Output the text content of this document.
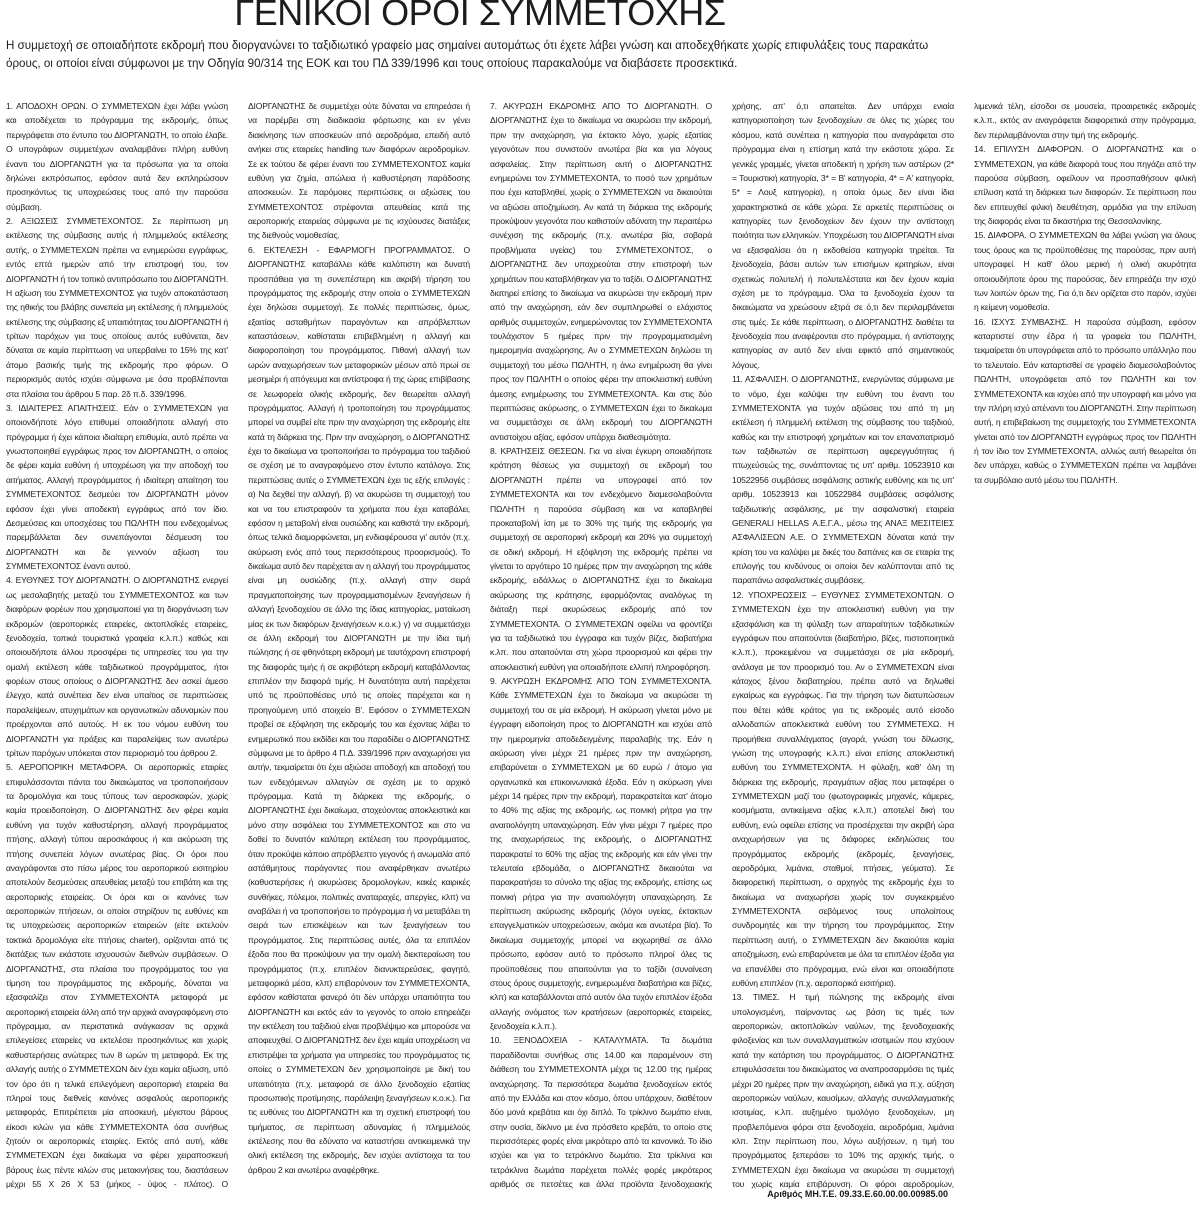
ΓΕΝΙΚΟΙ ΟΡΟΙ ΣΥΜΜΕΤΟΧΗΣ

Η συμμετοχή σε οποιαδήποτε εκδρομή που διοργανώνει το ταξιδιωτικό γραφείο μας σημαίνει αυτομάτως ότι έχετε λάβει γνώση και αποδεχθήκατε χωρίς επιφυλάξεις τους παρακάτω όρους, οι οποίοι είναι σύμφωνοι με την Οδηγία 90/314 της ΕΟΚ και του ΠΔ 339/1996 και τους οποίους παρακαλούμε να διαβάσετε προσεκτικά.

1. ΑΠΟΔΟΧΗ ΟΡΩΝ. Ο ΣΥΜΜΕΤΕΧΩΝ έχει λάβει γνώση και αποδέχεται το πρόγραμμα της εκδρομής, όπως περιγράφεται στο έντυπο του ΔΙΟΡΓΑΝΩΤΗ, το οποίο έλαβε. Ο υπογράφων συμμετέχων αναλαμβάνει πλήρη ευθύνη έναντι του ΔΙΟΡΓΑΝΩΤΗ για τα πρόσωπα για τα οποία δηλώνει εκπρόσωπος, εφόσον αυτά δεν εκπληρώσουν προσηκόντως τις υποχρεώσεις τους από την παρούσα σύμβαση.

2. ΑΞΙΩΣΕΙΣ ΣΥΜΜΕΤΕΧΟΝΤΟΣ. Σε περίπτωση μη εκτέλεσης της σύμβασης αυτής ή πλημμελούς εκτέλεσης αυτής, ο ΣΥΜΜΕΤΕΧΩΝ πρέπει να ενημερώσει εγγράφως, εντός επτά ημερών από την επιστροφή του, τον ΔΙΟΡΓΑΝΩΤΗ ή τον τοπικό αντιπρόσωπο του ΔΙΟΡΓΑΝΩΤΗ. Η αξίωση του ΣΥΜΜΕΤΕΧΟΝΤΟΣ για τυχόν αποκατάσταση της ηθικής του βλάβης συνεπεία μη εκτέλεσης ή πλημμελούς εκτέλεσης της σύμβασης εξ υπαιτιότητας του ΔΙΟΡΓΑΝΩΤΗ ή τρίτων παρόχων για τους οποίους αυτός ευθύνεται, δεν δύναται σε καμία περίπτωση να υπερβαίνει το 15% της κατ' άτομο βασικής τιμής της εκδρομής προ φόρων. Ο περιορισμός αυτός ισχύει σύμφωνα με όσα προβλέπονται στα πλαίσια του άρθρου 5 παρ. 2δ π.δ. 339/1996.

3. ΙΔΙΑΙΤΕΡΕΣ ΑΠΑΙΤΗΣΕΙΣ. Εάν ο ΣΥΜΜΕΤΕΧΩΝ για οποιονδήποτε λόγο επιθυμεί οποιαδήποτε αλλαγή στο πρόγραμμα ή έχει κάποια ιδιαίτερη επιθυμία, αυτό πρέπει να γνωστοποιηθεί εγγράφως προς τον ΔΙΟΡΓΑΝΩΤΗ, ο οποίος δε φέρει καμία ευθύνη ή υποχρέωση για την αποδοχή του αιτήματος. Αλλαγή προγράμματος ή ιδιαίτερη απαίτηση του ΣΥΜΜΕΤΕΧΟΝΤΟΣ δεσμεύει τον ΔΙΟΡΓΑΝΩΤΗ μόνον εφόσον έχει γίνει αποδεκτή εγγράφως από τον ίδιο. Δεσμεύσεις και υποσχέσεις του ΠΩΛΗΤΗ που ενδεχομένως παρεμβάλλεται δεν συνεπάγονται δέσμευση του ΔΙΟΡΓΑΝΩΤΗ και δε γεννούν αξίωση του ΣΥΜΜΕΤΕΧΟΝΤΟΣ έναντι αυτού.

4. ΕΥΘΥΝΕΣ ΤΟΥ ΔΙΟΡΓΑΝΩΤΗ. Ο ΔΙΟΡΓΑΝΩΤΗΣ ενεργεί ως μεσολαβητής μεταξύ του ΣΥΜΜΕΤΕΧΟΝΤΟΣ και των διαφόρων φορέων που χρησιμοποιεί για τη διοργάνωση των εκδρομών (αεροπορικές εταιρείες, ακτοπλοΐκές εταιρείες, ξενοδοχεία, τοπικά τουριστικά γραφεία κ.λ.π.) καθώς και οποιουδήποτε άλλου προσφέρει τις υπηρεσίες του για την ομαλή εκτέλεση κάθε ταξιδιωτικού προγράμματος, ήτοι φορέων στους οποίους ο ΔΙΟΡΓΑΝΩΤΗΣ δεν ασκεί άμεσο έλεγχο, κατά συνέπεια δεν είναι υπαίτιος σε περιπτώσεις παραλείψεων, ατυχημάτων και οργανωτικών αδυναμιών που προέρχονται από αυτούς. Η εκ του νόμου ευθύνη του ΔΙΟΡΓΑΝΩΤΗ για πράξεις και παραλείψεις των ανωτέρω τρίτων παρόχων υπόκειται στον περιορισμό του άρθρου 2.

5. ΑΕΡΟΠΟΡΙΚΗ ΜΕΤΑΦΟΡΑ. Οι αεροπορικές εταιρίες επιφυλάσσονται πάντα του δικαιώματος να τροποποιήσουν τα δρομολόγια και τους τύπους των αεροσκαφών, χωρίς καμία προειδοποίηση. Ο ΔΙΟΡΓΑΝΩΤΗΣ δεν φέρει καμία ευθύνη για τυχόν καθυστέρηση, αλλαγή προγράμματος πτήσης, αλλαγή τύπου αεροσκάφους ή και ακύρωση της πτήσης συνεπεία λόγων ανωτέρας βίας. Οι όροι που αναγράφονται στο πίσω μέρος του αεροπορικού εισιτηρίου αποτελούν δεσμεύσεις απευθείας μεταξύ του επιβάτη και της αεροπορικής εταιρείας. Οι όροι και οι κανόνες των αεροπορικών πτήσεων, οι οποίοι στηρίζουν τις ευθύνες και τις υποχρεώσεις αεροπορικών εταιρειών (είτε εκτελούν τακτικά δρομολόγια είτε πτήσεις charter), ορίζονται από τις διατάξεις των εκάστοτε ισχυουσών διεθνών συμβάσεων. Ο ΔΙΟΡΓΑΝΩΤΗΣ, στα πλαίσια του προγράμματος του για τίμηση του προγράμματος της εκδρομής, δύναται να εξασφαλίζει στον ΣΥΜΜΕΤΕΧΟΝΤΑ μεταφορά με αεροπορική εταιρεία άλλη από την αρχικά αναγραφόμενη στο πρόγραμμα, αν περιστατικά ανάγκασαν τις αρχικά επιλεγείσες εταιρείες να εκτελέσει προσηκόντως και χωρίς καθυστερήσεις ανώτερες των 8 ωρών τη μεταφορά. Εκ της αλλαγής αυτής ο ΣΥΜΜΕΤΕΧΩΝ δεν έχει καμία αξίωση, υπό τον όρο ότι η τελικά επιλεγόμενη αεροπορική εταιρεία θα πληροί τους διεθνείς κανόνες ασφαλούς αεροπορικής μεταφοράς. Επιτρέπεται μία αποσκευή, μέγιστου βάρους είκοσι κιλών για κάθε ΣΥΜΜΕΤΕΧΟΝΤΑ όσα συνήθως ζητούν οι αεροπορικές εταιρίες. Εκτός από αυτή, κάθε ΣΥΜΜΕΤΕΧΩΝ έχει δικαίωμα να φέρει χειραποσκευή βάρους έως πέντε κιλών στις μετακινήσεις του, διαστάσεων μέχρι 55 Χ 26 Χ 53 (μήκος - ύψος - πλάτος). Ο ΔΙΟΡΓΑΝΩΤΗΣ δε συμμετέχει ούτε δύναται να επηρεάσει ή να παρέμβει στη διαδικασία φόρτωσης και εν γένει διακίνησης των αποσκευών από αεροδρόμια, επειδή αυτό ανήκει στις εταιρείες handling των διαφόρων αεροδρομίων. Σε εκ τούτου δε φέρει έναντι του ΣΥΜΜΕΤΕΧΟΝΤΟΣ καμία ευθύνη για ζημία, απώλεια ή καθυστέρηση παράδοσης αποσκευών. Σε παρόμοιες περιπτώσεις οι αξιώσεις του ΣΥΜΜΕΤΕΧΟΝΤΟΣ στρέφονται απευθείας κατά της αεροπορικής εταιρείας σύμφωνα με τις ισχύουσες διατάξεις της διεθνούς νομοθεσίας.

6. ΕΚΤΕΛΕΣΗ - ΕΦΑΡΜΟΓΗ ΠΡΟΓΡΑΜΜΑΤΟΣ. Ο ΔΙΟΡΓΑΝΩΤΗΣ καταβάλλει κάθε καλόπιστη και δυνατή προσπάθεια για τη συνεπέστερη και ακριβή τήρηση του προγράμματος της εκδρομής στην οποία ο ΣΥΜΜΕΤΕΧΩΝ έχει δηλώσει συμμετοχή. Σε πολλές περιπτώσεις, όμως, εξαιτίας ασταθμήτων παραγόντων και απρόβλεπτων καταστάσεων, καθίσταται επιβεβλημένη η αλλαγή και διαφοροποίηση του προγράμματος. Πιθανή αλλαγή των ωρών αναχωρήσεων των μεταφορικών μέσων από πρωί σε μεσημέρι ή απόγευμα και αντίστροφα ή της ώρας επιβίβασης σε λεωφορεία ολικής εκδρομής, δεν θεωρείται αλλαγή προγράμματος. Αλλαγή ή τροποποίηση του προγράμματος μπορεί να συμβεί είτε πριν την αναχώρηση της εκδρομής είτε κατά τη διάρκεια της. Πριν την αναχώρηση, ο ΔΙΟΡΓΑΝΩΤΗΣ έχει το δικαίωμα να τροποποιήσει το πρόγραμμα του ταξιδιού σε σχέση με το αναγραφόμενο στον έντυπο κατάλογο. Στις περιπτώσεις αυτές ο ΣΥΜΜΕΤΕΧΩΝ έχει τις εξής επιλογές : α) Να δεχθεί την αλλαγή. β) να ακυρώσει τη συμμετοχή του και να του επιστραφούν τα χρήματα που έχει καταβάλει, εφόσον η μεταβολή είναι ουσιώδης και καθιστά την εκδρομή, όπως τελικά διαμορφώνεται, μη ενδιαφέρουσα γι' αυτόν (π.χ. ακύρωση ενός από τους περισσότερους προορισμούς). Το δικαίωμα αυτό δεν παρέχεται αν η αλλαγή του προγράμματος είναι μη ουσιώδης (π.χ. αλλαγή στην σειρά πραγματοποίησης των προγραμματισμένων ξεναγήσεων ή αλλαγή ξενοδοχείου σε άλλο της ίδιας κατηγορίας, ματαίωση μίας εκ των διαφόρων ξεναγήσεων κ.ο.κ.) γ) να συμμετάσχει σε άλλη εκδρομή του ΔΙΟΡΓΑΝΩΤΗ με την ίδια τιμή πώλησης ή σε φθηνότερη εκδρομή με ταυτόχρονη επιστροφή της διαφοράς τιμής ή σε ακριβότερη εκδρομή καταβάλλοντας επιπλέον την διαφορά τιμής. Η δυνατότητα αυτή παρέχεται υπό τις προϋποθέσεις υπό τις οποίες παρέχεται και η προηγούμενη υπό στοιχείο Β'. Εφόσον ο ΣΥΜΜΕΤΕΧΩΝ προβεί σε εξόφληση της εκδρομής του και έχοντας λάβει το ενημερωτικό που εκδίδει και του παραδίδει ο ΔΙΟΡΓΑΝΩΤΗΣ σύμφωνα με το άρθρο 4 Π.Δ. 339/1996 πριν αναχωρήσει για αυτήν, τεκμαίρεται ότι έχει αξιώσει αποδοχή και αποδοχή του των ενδεχόμενων αλλαγών σε σχέση με το αρχικό πρόγραμμα. Κατά τη διάρκεια της εκδρομής, ο ΔΙΟΡΓΑΝΩΤΗΣ έχει δικαίωμα, στοχεύοντας αποκλειστικά και μόνο στην ασφάλεια του ΣΥΜΜΕΤΕΧΟΝΤΟΣ και στο να δοθεί το δυνατόν καλύτερη εκτέλεση του προγράμματος, όταν προκύψει κάποιο απρόβλεπτο γεγονός ή ανωμαλία από αστάθμητους παράγοντες που αναφέρθηκαν ανωτέρω (καθυστερήσεις ή ακυρώσεις δρομολογίων, κακές καιρικές συνθήκες, πόλεμοι, πολιτικές αναταραχές, απεργίες, κλπ) να αναβάλει ή να τροποποιήσει το πρόγραμμα ή να μεταβάλει τη σειρά των επισκέψεων και των ξεναγήσεων του προγράμματος. Στις περιπτώσεις αυτές, όλα τα επιπλέον έξοδα που θα προκύψουν για την ομαλή διεκπεραίωση του προγράμματος (π.χ. επιπλέον διανυκτερεύσεις, φαγητό, μεταφορικά μέσα, κλπ) επιβαρύνουν τον ΣΥΜΜΕΤΕΧΟΝΤΑ, εφόσον καθίσταται φανερό ότι δεν υπάρχει υπαιτιότητα του ΔΙΟΡΓΑΝΩΤΗ και εκτός εάν το γεγονός το οποίο επηρεάζει την εκτέλεση του ταξιδιού είναι προβλέψιμο και μπορούσε να αποφευχθεί. Ο ΔΙΟΡΓΑΝΩΤΗΣ δεν έχει καμία υποχρέωση να επιστρέψει τα χρήματα για υπηρεσίες του προγράμματος τις οποίες ο ΣΥΜΜΕΤΕΧΩΝ δεν χρησιμοποίησε με δική του υπαιτιότητα (π.χ. μεταφορά σε άλλο ξενοδοχείο εξαιτίας προσωπικής προτίμησης, παράλειψη ξεναγήσεων κ.ο.κ.). Για τις ευθύνες του ΔΙΟΡΓΑΝΩΤΗ και τη σχετική επιστροφή του τιμήματος, σε περίπτωση αδυναμίας ή πλημμελούς εκτέλεσης που θα εδύνατο να καταστήσει αντικειμενικά την ολική εκτέλεση της εκδρομής, δεν ισχύει αντίστοιχα τα του άρθρου 2 και ανωτέρω αναφέρθηκε.

7. ΑΚΥΡΩΣΗ ΕΚΔΡΟΜΗΣ ΑΠΟ ΤΟ ΔΙΟΡΓΑΝΩΤΗ. Ο ΔΙΟΡΓΑΝΩΤΗΣ έχει το δικαίωμα να ακυρώσει την εκδρομή, πριν την αναχώρηση, για έκτακτο λόγο, χωρίς εξαιτίας γεγονότων που συνιστούν ανωτέρα βία και για λόγους ασφαλείας. Στην περίπτωση αυτή ο ΔΙΟΡΓΑΝΩΤΗΣ ενημερώνει τον ΣΥΜΜΕΤΕΧΟΝΤΑ, το ποσό των χρημάτων που έχει καταβληθεί, χωρίς ο ΣΥΜΜΕΤΕΧΩΝ να δικαιούται να αξιώσει αποζημίωση. Αν κατά τη διάρκεια της εκδρομής προκύψουν γεγονότα που καθιστούν αδύνατη την περαιτέρω συνέχιση της εκδρομής (π.χ. ανωτέρα βία, σοβαρά προβλήματα υγείας) του ΣΥΜΜΕΤΕΧΟΝΤΟΣ, ο ΔΙΟΡΓΑΝΩΤΗΣ δεν υποχρεούται στην επιστροφή των χρημάτων που καταβλήθηκαν για το ταξίδι. Ο ΔΙΟΡΓΑΝΩΤΗΣ διατηρεί επίσης το δικαίωμα να ακυρώσει την εκδρομή πριν από την αναχώρηση, εάν δεν συμπληρωθεί ο ελάχιστος αριθμός συμμετοχών, ενημερώνοντας τον ΣΥΜΜΕΤΕΧΟΝΤΑ τουλάχιστον 5 ημέρες πριν την προγραμματισμένη ημερομηνία αναχώρησης. Αν ο ΣΥΜΜΕΤΕΧΩΝ δηλώσει τη συμμετοχή του μέσω ΠΩΛΗΤΗ, η άνω ενημέρωση θα γίνει προς τον ΠΩΛΗΤΗ ο οποίος φέρει την αποκλειστική ευθύνη άμεσης ενημέρωσης του ΣΥΜΜΕΤΕΧΟΝΤΑ. Και στις δύο περιπτώσεις ακύρωσης, ο ΣΥΜΜΕΤΕΧΩΝ έχει το δικαίωμα να συμμετάσχει σε άλλη εκδρομή του ΔΙΟΡΓΑΝΩΤΗ αντιστοίχου αξίας, εφόσον υπάρχει διαθεσιμότητα.

8. ΚΡΑΤΗΣΕΙΣ ΘΕΣΕΩΝ. Για να είναι έγκυρη οποιαδήποτε κράτηση θέσεως για συμμετοχή σε εκδρομή του ΔΙΟΡΓΑΝΩΤΗ πρέπει να υπογραφεί από τον ΣΥΜΜΕΤΕΧΟΝΤΑ και τον ενδεχόμενο διαμεσολαβούντα ΠΩΛΗΤΗ η παρούσα σύμβαση και να καταβληθεί προκαταβολή ίση με το 30% της τιμής της εκδρομής για συμμετοχή σε αεροπορική εκδρομή και 20% για συμμετοχή σε οδική εκδρομή. Η εξόφληση της εκδρομής πρέπει να γίνεται το αργότερο 10 ημέρες πριν την αναχώρηση της κάθε εκδρομής, ειδάλλως ο ΔΙΟΡΓΑΝΩΤΗΣ έχει το δικαίωμα ακύρωσης της κράτησης, εφαρμόζοντας αναλόγως τη διάταξη περί ακυρώσεως εκδρομής από τον ΣΥΜΜΕΤΕΧΟΝΤΑ. Ο ΣΥΜΜΕΤΕΧΩΝ οφείλει να φροντίζει για τα ταξιδιωτικά του έγγραφα και τυχόν βίζες, διαβατήρια κ.λπ. που απαιτούνται στη χώρα προορισμού και φέρει την αποκλειστική ευθύνη για οποιαδήποτε ελλιπή πληροφόρηση.

9. ΑΚΥΡΩΣΗ ΕΚΔΡΟΜΗΣ ΑΠΟ ΤΟΝ ΣΥΜΜΕΤΕΧΟΝΤΑ. Κάθε ΣΥΜΜΕΤΕΧΩΝ έχει το δικαίωμα να ακυρώσει τη συμμετοχή του σε μία εκδρομή. Η ακύρωση γίνεται μόνο με έγγραφη ειδοποίηση προς το ΔΙΟΡΓΑΝΩΤΗ και ισχύει από την ημερομηνία αποδεδειγμένης παραλαβής της. Εάν η ακύρωση γίνει μέχρι 21 ημέρες πριν την αναχώρηση, επιβαρύνεται ο ΣΥΜΜΕΤΕΧΩΝ με 60 ευρώ / άτομο για οργανωτικά και επικοινωνιακά έξοδα. Εάν η ακύρωση γίνει μέχρι 14 ημέρες πριν την εκδρομή, παρακρατείται κατ' άτομο το 40% της αξίας της εκδρομής, ως ποινική ρήτρα για την αναιτιολόγητη υπαναχώρηση. Εάν γίνει μέχρι 7 ημέρες προ της αναχωρήσεως της εκδρομής, ο ΔΙΟΡΓΑΝΩΤΗΣ παρακρατεί το 60% της αξίας της εκδρομής και εάν γίνει την τελευταία εβδομάδα, ο ΔΙΟΡΓΑΝΩΤΗΣ δικαιούται να παρακρατήσει το σύνολο της αξίας της εκδρομής, επίσης ως ποινική ρήτρα για την αναιτιολόγητη υπαναχώρηση. Σε περίπτωση ακύρωσης εκδρομής (λόγοι υγείας, έκτακτων επαγγελματικών υποχρεώσεων, ακόμα και ανωτέρα βία). Το δικαίωμα συμμετοχής μπορεί να εκχωρηθεί σε άλλο πρόσωπο, εφόσον αυτό το πρόσωπο πληροί όλες τις προϋποθέσεις που απαιτούνται για το ταξίδι (συναίνεση στους όρους συμμετοχής, ενημερωμένα διαβατήρια και βίζες, κλπ) και καταβάλλονται από αυτόν όλα τυχόν επιπλέον έξοδα αλλαγής ονόματος των κρατήσεων (αεροπορικές εταιρείες, ξενοδοχεία κ.λ.π.).

10. ΞΕΝΟΔΟΧΕΙΑ - ΚΑΤΑΛΥΜΑΤΑ. Τα δωμάτια παραδίδονται συνήθως στις 14.00 και παραμένουν στη διάθεση του ΣΥΜΜΕΤΕΧΟΝΤΑ μέχρι τις 12.00 της ημέρας αναχώρησης. Τα περισσότερα δωμάτια ξενοδοχείων εκτός από την Ελλάδα και στον κόσμο, όπου υπάρχουν, διαθέτουν δύο μονά κρεβάτια και όχι διπλό. Το τρίκλινο δωμάτιο είναι, στην ουσία, δίκλινο με ένα πρόσθετο κρεβάτι, το οποίο στις περισσότερες φορές είναι μικρότερο από τα κανονικά. Το ίδιο ισχύει και για το τετράκλινο δωμάτιο. Στα τρίκλινα και τετράκλινα δωμάτια παρέχεται πολλές φορές μικρότερος αριθμός σε πετσέτες και άλλα προϊόντα ξενοδοχειακής χρήσης, απ' ό,τι απαιτείται. Δεν υπάρχει ενιαία κατηγοριοποίηση των ξενοδοχείων σε όλες τις χώρες του κόσμου, κατά συνέπεια η κατηγορία που αναγράφεται στο πρόγραμμα είναι η επίσημη κατά την εκάστοτε χώρα. Σε γενικές γραμμές, γίνεται αποδεκτή η χρήση των αστέρων (2* = Τουριστική κατηγορία, 3* = Β' κατηγορία, 4* = Α' κατηγορία, 5* = Λουξ κατηγορία), η οποία όμως δεν είναι ίδια χαρακτηριστικά σε κάθε χώρα. Σε αρκετές περιπτώσεις οι κατηγορίες των ξενοδοχείων δεν έχουν την αντίστοιχη ποιότητα των ελληνικών. Υποχρέωση του ΔΙΟΡΓΑΝΩΤΗ είναι να εξασφαλίσει ότι η εκδοθείσα κατηγορία τηρείται. Τα ξενοδοχεία, βάσει αυτών των επισήμων κριτηρίων, είναι σχετικώς πολυτελή ή πολυτελέστατα και δεν έχουν καμία σχέση με το πρόγραμμα. Όλα τα ξενοδοχεία έχουν τα δικαιώματα να χρεώσουν εξτρά σε ό,τι δεν περιλαμβάνεται στις τιμές. Σε κάθε περίπτωση, ο ΔΙΟΡΓΑΝΩΤΗΣ διαθέτει τα ξενοδοχεία που αναφέρονται στο πρόγραμμα, ή αντίστοιχης κατηγορίας αν αυτό δεν είναι εφικτό από σημαντικούς λόγους.

11. ΑΣΦΑΛΙΣΗ. Ο ΔΙΟΡΓΑΝΩΤΗΣ, ενεργώντας σύμφωνα με το νόμο, έχει καλύψει την ευθύνη του έναντι του ΣΥΜΜΕΤΕΧΟΝΤΑ για τυχόν αξιώσεις του από τη μη εκτέλεση ή πλημμελή εκτέλεση της σύμβασης του ταξιδιού, καθώς και την επιστροφή χρημάτων και τον επαναπατρισμό των ταξιδιωτών σε περίπτωση αφερεγγυότητας ή πτωχεύσεώς της, συνάπτοντας τις υπ' αριθμ. 10523910 και 10522956 συμβάσεις ασφάλισης αστικής ευθύνης και τις υπ' αριθμ. 10523913 και 10522984 συμβάσεις ασφάλισης ταξιδιωτικής ασφάλισης, με την ασφαλιστική εταιρεία GENERALI HELLAS Α.Ε.Γ.Α., μέσω της ΑΝΑΞ ΜΕΣΙΤΕΙΕΣ ΑΣΦΑΛΙΣΕΩΝ Α.Ε. Ο ΣΥΜΜΕΤΕΧΩΝ δύναται κατά την κρίση του να καλύψει με δικές του δαπάνες και σε εταιρία της επιλογής του κινδύνους οι οποίοι δεν καλύπτονται από τις παραπάνω ασφαλιστικές συμβάσεις.

12. ΥΠΟΧΡΕΩΣΕΙΣ – ΕΥΘΥΝΕΣ ΣΥΜΜΕΤΕΧΟΝΤΩΝ. Ο ΣΥΜΜΕΤΕΧΩΝ έχει την αποκλειστική ευθύνη για την εξασφάλιση και τη φύλαξη των απαραίτητων ταξιδιωτικών εγγράφων που απαιτούνται (διαβατήριο, βίζες, πιστοποιητικά κ.λ.π.), προκειμένου να συμμετάσχει σε μία εκδρομή, ανάλογα με τον προορισμό του. Αν ο ΣΥΜΜΕΤΕΧΩΝ είναι κάτοχος ξένου διαβατηρίου, πρέπει αυτό να δηλωθεί εγκαίρως και εγγράφως. Για την τήρηση των διατυπώσεων που θέτει κάθε κράτος για τις εκδρομές αυτό είσοδο αλλοδαπών αποκλειστικά ευθύνη του ΣΥΜΜΕΤΕΧΩ. Η προμήθεια συναλλάγματος (αγορά, γνώση του δίλωσης, γνώση της υπογραφής κ.λ.π.) είναι επίσης αποκλειστική ευθύνη του ΣΥΜΜΕΤΕΧΟΝΤΑ. Η φύλαξη, καθ' όλη τη διάρκεια της εκδρομής, πραγμάτων αξίας που μεταφέρει ο ΣΥΜΜΕΤΕΧΩΝ μαζί του (φωτογραφικές μηχανές, κάμερες, κοσμήματα, αντικείμενα αξίας κ.λ.π.) αποτελεί δική του ευθύνη, ενώ οφείλει επίσης να προσέρχεται την ακριβή ώρα αναχωρήσεων για τις διάφορες εκδηλώσεις του προγράμματος εκδρομής (εκδρομές, ξεναγήσεις, αεροδρόμια, λιμάνια, σταθμοί, πτήσεις, γεύματα). Σε διαφορετική περίπτωση, ο αρχηγός της εκδρομής έχει το δικαίωμα να αναχωρήσει χωρίς τον συγκεκριμένο ΣΥΜΜΕΤΕΧΟΝΤΑ σεβόμενος τους υπολοίπους συνδρομητές και την τήρηση του προγράμματος. Στην περίπτωση αυτή, ο ΣΥΜΜΕΤΕΧΩΝ δεν δικαιούται καμία αποζημίωση, ενώ επιβαρύνεται με όλα τα επιπλέον έξοδα για να επανέλθει στο πρόγραμμα, ενώ είναι και οποιαδήποτε ευθύνη επιπλέον (π.χ. αεροπορικά εισιτήρια).

13. ΤΙΜΕΣ. Η τιμή πώλησης της εκδρομής είναι υπολογισμένη, παίρνοντας ως βάση τις τιμές των αεροπορικών, ακτοπλοϊκών ναύλων, της ξενοδοχειακής φιλοξενίας και των συναλλαγματικών ισοτιμιών που ισχύουν κατά την κατάρτιση του προγράμματος. Ο ΔΙΟΡΓΑΝΩΤΗΣ επιφυλάσσεται του δικαιώματος να αναπροσαρμόσει τις τιμές μέχρι 20 ημέρες πριν την αναχώρηση, ειδικά για π.χ. αύξηση αεροπορικών ναύλων, καυσίμων, αλλαγής συναλλαγματικής ισοτιμίας, κ.λπ. αυξημένο τιμολόγιο ξενοδοχείων, μη προβλεπόμενοι φόροι στα ξενοδοχεία, αεροδρόμια, λιμάνια κλπ. Στην περίπτωση που, λόγω αυξήσεων, η τιμή του προγράμματος ξεπεράσει το 10% της αρχικής τιμής, ο ΣΥΜΜΕΤΕΧΩΝ έχει δικαίωμα να ακυρώσει τη συμμετοχή του χωρίς καμία επιβάρυνση. Οι φόροι αεροδρομίων, λιμενικά τέλη, είσοδοι σε μουσεία, προαιρετικές εκδρομές κ.λ.π., εκτός αν αναγράφεται διαφορετικά στην πρόγραμμα, δεν περιλαμβάνονται στην τιμή της εκδρομής.

14. ΕΠΙΛΥΣΗ ΔΙΑΦΟΡΩΝ. Ο ΔΙΟΡΓΑΝΩΤΗΣ και ο ΣΥΜΜΕΤΕΧΩΝ, για κάθε διαφορά τους που πηγάζει από την παρούσα σύμβαση, οφείλουν να προσπαθήσουν φιλική επίλυση κατά τη διάρκεια των διαφορών. Σε περίπτωση που δεν επιτευχθεί φιλική διευθέτηση, αρμόδια για την επίλυση της διαφοράς είναι τα δικαστήρια της Θεσσαλονίκης.

15. ΔΙΑΦΟΡΑ. Ο ΣΥΜΜΕΤΕΧΩΝ θα λάβει γνώση για όλους τους όρους και τις προϋποθέσεις της παρούσας, πριν αυτή υπογραφεί. Η καθ' όλου μερική ή ολική ακυρότητα οποιουδήποτε όρου της παρούσας, δεν επηρεάζει την ισχύ των λοιπών όρων της. Για ό,τι δεν ορίζεται στο παρόν, ισχύει η κείμενη νομοθεσία.

16. ΙΣΧΥΣ ΣΥΜΒΑΣΗΣ. Η παρούσα σύμβαση, εφόσον καταρτιστεί στην έδρα ή τα γραφεία του ΠΩΛΗΤΗ, τεκμαίρεται ότι υπογράφεται από το πρόσωπο υπάλληλο που το τελευταίο. Εάν καταρτισθεί σε γραφείο διαμεσολαβούντος ΠΩΛΗΤΗ, υπογράφεται από τον ΠΩΛΗΤΗ και τον ΣΥΜΜΕΤΕΧΟΝΤΑ και ισχύει από την υπογραφή και μόνο για την πλήρη ισχύ απέναντι του ΔΙΟΡΓΑΝΩΤΗ. Στην περίπτωση αυτή, η επιβεβαίωση της συμμετοχής του ΣΥΜΜΕΤΕΧΟΝΤΑ γίνεται από τον ΔΙΟΡΓΑΝΩΤΗ εγγράφως προς τον ΠΩΛΗΤΗ ή τον ίδιο τον ΣΥΜΜΕΤΕΧΟΝΤΑ, αλλιώς αυτή θεωρείται ότι δεν υπάρχει, καθώς ο ΣΥΜΜΕΤΕΧΩΝ πρέπει να λαμβάνει τα συμβόλαιο αυτό μέσω του ΠΩΛΗΤΗ.

Αριθμός ΜΗ.Τ.Ε. 09.33.Ε.60.00.00.00985.00
